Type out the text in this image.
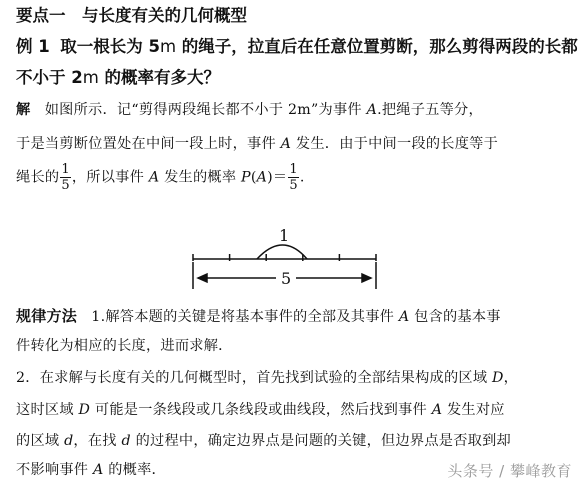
要点一　与长度有关的几何概型
例 1 取一根长为 5m 的绳子，拉直后在任意位置剪断，那么剪得两段的长都
不小于 2m 的概率有多大？
解 如图所示．记“剪得两段绳长都不小于 2m”为事件 A.把绳子五等分，
于是当剪断位置处在中间一段上时，事件 A 发生．由于中间一段的长度等于
绳长的 $\frac{1}{5}$ ，所以事件 A 发生的概率 $P(A)= \frac{1}{5}$ .
1
5
规律方法 1.解答本题的关键是将基本事件的全部及其事件 A 包含的基本事
件转化为相应的长度，进而求解．
2．在求解与长度有关的几何概型时，首先找到试验的全部结果构成的区域 D，
这时区域 D 可能是一条线段或几条线段或曲线段，然后找到事件 A 发生对应
的区域 d，在找 d 的过程中，确定边界点是问题的关键，但边界点是否取到却
不影响事件 A 的概率．	头条号 / 攀峰教育
